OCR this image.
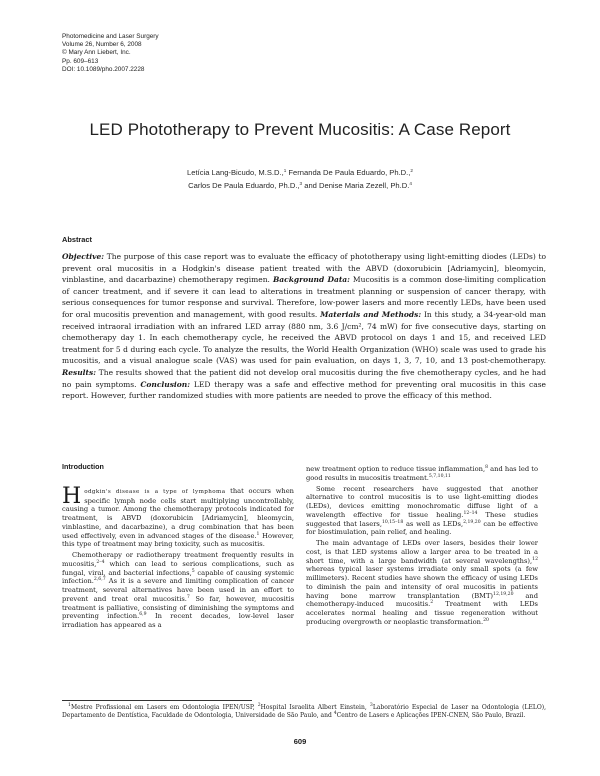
Photomedicine and Laser Surgery
Volume 26, Number 6, 2008
© Mary Ann Liebert, Inc.
Pp. 609–613
DOI: 10.1089/pho.2007.2228
LED Phototherapy to Prevent Mucositis: A Case Report
Letícia Lang-Bicudo, M.S.D.,$^1$ Fernanda De Paula Eduardo, Ph.D.,$^2$
Carlos De Paula Eduardo, Ph.D.,$^3$ and Denise Maria Zezell, Ph.D.$^4$
Abstract
Objective: The purpose of this case report was to evaluate the efficacy of phototherapy using light-emitting diodes (LEDs) to prevent oral mucositis in a Hodgkin's disease patient treated with the ABVD (doxorubicin [Adriamycin], bleomycin, vinblastine, and dacarbazine) chemotherapy regimen. Background Data: Mucositis is a common dose-limiting complication of cancer treatment, and if severe it can lead to alterations in treatment planning or suspension of cancer therapy, with serious consequences for tumor response and survival. Therefore, low-power lasers and more recently LEDs, have been used for oral mucositis prevention and management, with good results. Materials and Methods: In this study, a 34-year-old man received intraoral irradiation with an infrared LED array (880 nm, 3.6 J/cm², 74 mW) for five consecutive days, starting on chemotherapy day 1. In each chemotherapy cycle, he received the ABVD protocol on days 1 and 15, and received LED treatment for 5 d during each cycle. To analyze the results, the World Health Organization (WHO) scale was used to grade his mucositis, and a visual analogue scale (VAS) was used for pain evaluation, on days 1, 3, 7, 10, and 13 post-chemotherapy. Results: The results showed that the patient did not develop oral mucositis during the five chemotherapy cycles, and he had no pain symptoms. Conclusion: LED therapy was a safe and effective method for preventing oral mucositis in this case report. However, further randomized studies with more patients are needed to prove the efficacy of this method.
Introduction

Hodgkin's disease is a type of lymphoma that occurs when specific lymph node cells start multiplying uncontrollably, causing a tumor. Among the chemotherapy protocols indicated for treatment, is ABVD (doxorubicin [Adriamycin], bleomycin, vinblastine, and dacarbazine), a drug combination that has been used effectively, even in advanced stages of the disease.$^1$ However, this type of treatment may bring toxicity, such as mucositis.

Chemotherapy or radiotherapy treatment frequently results in mucositis,$^{2-4}$ which can lead to serious complications, such as fungal, viral, and bacterial infections,$^5$ capable of causing systemic infection.$^{2,6,7}$ As it is a severe and limiting complication of cancer treatment, several alternatives have been used in an effort to prevent and treat oral mucositis.$^7$ So far, however, mucositis treatment is palliative, consisting of diminishing the symptoms and preventing infection.$^{6,9}$ In recent decades, low-level laser irradiation has appeared as a

new treatment option to reduce tissue inflammation,$^8$ and has led to good results in mucositis treatment.$^{5,7,10,11}$

Some recent researchers have suggested that another alternative to control mucositis is to use light-emitting diodes (LEDs), devices emitting monochromatic diffuse light of a wavelength effective for tissue healing.$^{12-14}$ These studies suggested that lasers,$^{10,15-18}$ as well as LEDs,$^{2,19,20}$ can be effective for biostimulation, pain relief, and healing.

The main advantage of LEDs over lasers, besides their lower cost, is that LED systems allow a larger area to be treated in a short time, with a large bandwidth (at several wavelengths),$^{12}$ whereas typical laser systems irradiate only small spots (a few millimeters). Recent studies have shown the efficacy of using LEDs to diminish the pain and intensity of oral mucositis in patients having bone marrow transplantation (BMT)$^{12,19,20}$ and chemotherapy-induced mucositis.$^2$ Treatment with LEDs accelerates normal healing and tissue regeneration without producing overgrowth or neoplastic transformation.$^{20}$

$^1$Mestre Profissional em Lasers em Odontologia IPEN/USP, $^2$Hospital Israelita Albert Einstein, $^3$Laboratório Especial de Laser na Odontologia (LELO), Departamento de Dentística, Faculdade de Odontologia, Universidade de São Paulo, and $^4$Centro de Lasers e Aplicações IPEN-CNEN, São Paulo, Brazil.
609
